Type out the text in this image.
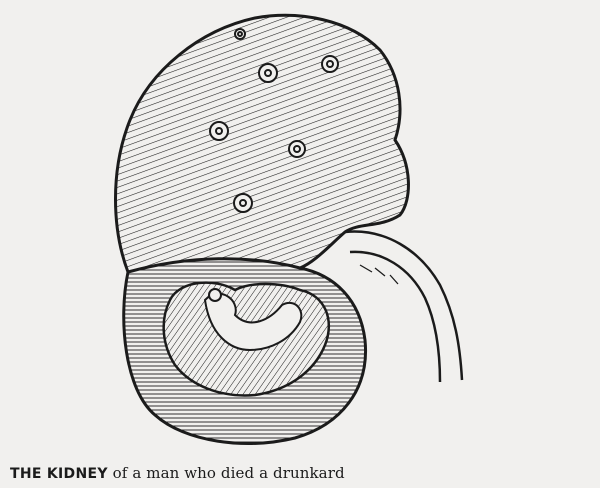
THE KIDNEY of a man who died a drunkard
